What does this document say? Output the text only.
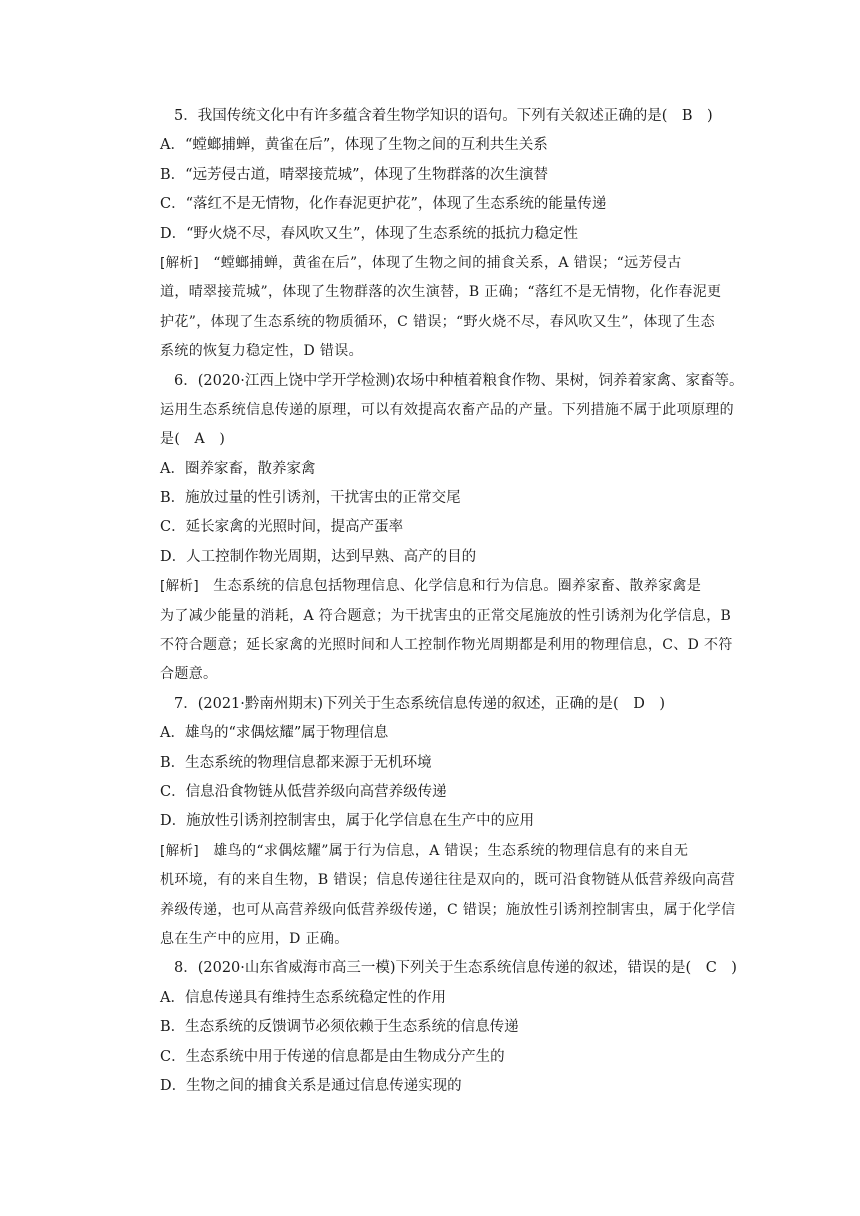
5．我国传统文化中有许多蕴含着生物学知识的语句。下列有关叙述正确的是(　B　)
A．“螳螂捕蝉，黄雀在后”，体现了生物之间的互利共生关系
B．“远芳侵古道，晴翠接荒城”，体现了生物群落的次生演替
C．“落红不是无情物，化作春泥更护花”，体现了生态系统的能量传递
D．“野火烧不尽，春风吹又生”，体现了生态系统的抵抗力稳定性
[解析]　“螳螂捕蝉，黄雀在后”，体现了生物之间的捕食关系，A 错误；“远芳侵古
道，晴翠接荒城”，体现了生物群落的次生演替，B 正确；“落红不是无情物，化作春泥更
护花”，体现了生态系统的物质循环，C 错误；“野火烧不尽，春风吹又生”，体现了生态
系统的恢复力稳定性，D 错误。
6．(2020·江西上饶中学开学检测)农场中种植着粮食作物、果树，饲养着家禽、家畜等。
运用生态系统信息传递的原理，可以有效提高农畜产品的产量。下列措施不属于此项原理的
是(　A　)
A．圈养家畜，散养家禽
B．施放过量的性引诱剂，干扰害虫的正常交尾
C．延长家禽的光照时间，提高产蛋率
D．人工控制作物光周期，达到早熟、高产的目的
[解析]　生态系统的信息包括物理信息、化学信息和行为信息。圈养家畜、散养家禽是
为了减少能量的消耗，A 符合题意；为干扰害虫的正常交尾施放的性引诱剂为化学信息，B
不符合题意；延长家禽的光照时间和人工控制作物光周期都是利用的物理信息，C、D 不符
合题意。
7．(2021·黔南州期末)下列关于生态系统信息传递的叙述，正确的是(　D　)
A．雄鸟的“求偶炫耀”属于物理信息
B．生态系统的物理信息都来源于无机环境
C．信息沿食物链从低营养级向高营养级传递
D．施放性引诱剂控制害虫，属于化学信息在生产中的应用
[解析]　雄鸟的“求偶炫耀”属于行为信息，A 错误；生态系统的物理信息有的来自无
机环境，有的来自生物，B 错误；信息传递往往是双向的，既可沿食物链从低营养级向高营
养级传递，也可从高营养级向低营养级传递，C 错误；施放性引诱剂控制害虫，属于化学信
息在生产中的应用，D 正确。
8．(2020·山东省威海市高三一模)下列关于生态系统信息传递的叙述，错误的是(　C　)
A．信息传递具有维持生态系统稳定性的作用
B．生态系统的反馈调节必须依赖于生态系统的信息传递
C．生态系统中用于传递的信息都是由生物成分产生的
D．生物之间的捕食关系是通过信息传递实现的
